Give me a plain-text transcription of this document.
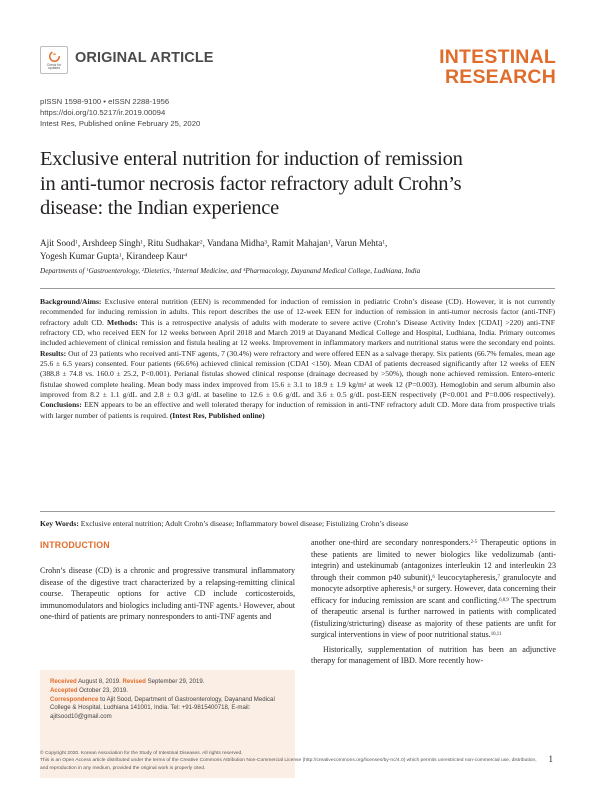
Check for
updates
ORIGINAL ARTICLE	INTESTINAL
RESEARCH
pISSN 1598-9100 • eISSN 2288-1956
https://doi.org/10.5217/ir.2019.00094
Intest Res, Published online February 25, 2020
Exclusive enteral nutrition for induction of remission
in anti-tumor necrosis factor refractory adult Crohn’s
disease: the Indian experience
Ajit Sood$^1$, Arshdeep Singh$^1$, Ritu Sudhakar$^2$, Vandana Midha$^3$, Ramit Mahajan$^1$, Varun Mehta$^1$,
Yogesh Kumar Gupta$^1$, Kirandeep Kaur$^4$
Departments of $^1$Gastroenterology, $^2$Dietetics, $^3$Internal Medicine, and $^4$Pharmacology, Dayanand Medical College, Ludhiana, India
Background/Aims: Exclusive enteral nutrition (EEN) is recommended for induction of remission in pediatric Crohn’s disease (CD). However, it is not currently recommended for inducing remission in adults. This report describes the use of 12-week EEN for induction of remission in anti-tumor necrosis factor (anti-TNF) refractory adult CD. Methods: This is a retrospective analysis of adults with moderate to severe active (Crohn’s Disease Activity Index [CDAI] >220) anti-TNF refractory CD, who received EEN for 12 weeks between April 2018 and March 2019 at Dayanand Medical College and Hospital, Ludhiana, India. Primary outcomes included achievement of clinical remission and fistula healing at 12 weeks. Improvement in inflammatory markers and nutritional status were the secondary end points. Results: Out of 23 patients who received anti-TNF agents, 7 (30.4%) were refractory and were offered EEN as a salvage therapy. Six patients (66.7% females, mean age 25.6 ± 6.5 years) consented. Four patients (66.6%) achieved clinical remission (CDAI <150). Mean CDAI of patients decreased significantly after 12 weeks of EEN (388.8 ± 74.8 vs. 160.0 ± 25.2, P<0.001). Perianal fistulas showed clinical response (drainage decreased by >50%), though none achieved remission. Entero-enteric fistulae showed complete healing. Mean body mass index improved from 15.6 ± 3.1 to 18.9 ± 1.9 $kg/m^2$ at week 12 (P=0.003). Hemoglobin and serum albumin also improved from 8.2 ± 1.1 g/dL and 2.8 ± 0.3 g/dL at baseline to 12.6 ± 0.6 g/dL and 3.6 ± 0.5 g/dL post-EEN respectively (P<0.001 and P=0.006 respectively). Conclusions: EEN appears to be an effective and well tolerated therapy for induction of remission in anti-TNF refractory adult CD. More data from prospective trials with larger number of patients is required. (Intest Res, Published online)
Key Words: Exclusive enteral nutrition; Adult Crohn’s disease; Inflammatory bowel disease; Fistulizing Crohn’s disease
INTRODUCTION
Crohn’s disease (CD) is a chronic and progressive transmural inflammatory disease of the digestive tract characterized by a relapsing-remitting clinical course. Therapeutic options for active CD include corticosteroids, immunomodulators and biologics including anti-TNF agents.$^1$ However, about one-third of patients are primary nonresponders to anti-TNF agents and

another one-third are secondary nonresponders.$^{2-5}$ Therapeutic options in these patients are limited to newer biologics like vedolizumab (anti-integrin) and ustekinumab (antagonizes interleukin 12 and interleukin 23 through their common p40 subunit),$^6$ leucocytapheresis,$^7$ granulocyte and monocyte adsorptive apheresis,$^8$ or surgery. However, data concerning their efficacy for inducing remission are scant and conflicting.$^{6,8,9}$ The spectrum of therapeutic arsenal is further narrowed in patients with complicated (fistulizing/stricturing) disease as majority of these patients are unfit for surgical interventions in view of poor nutritional status.$^{10,11}$

Historically, supplementation of nutrition has been an adjunctive therapy for management of IBD. More recently how-

Received August 8, 2019. Revised September 29, 2019.
Accepted October 23, 2019.
Correspondence to Ajit Sood, Department of Gastroenterology, Dayanand Medical College & Hospital, Ludhiana 141001, India. Tel: +91-9815400718, E-mail: ajitsood10@gmail.com
© Copyright 2020. Korean Association for the Study of Intestinal Diseases. All rights reserved.
This is an Open Access article distributed under the terms of the Creative Commons Attribution Non-Commercial License (http://creativecommons.org/licenses/by-nc/4.0) which permits unrestricted non-commercial use, distribution, and reproduction in any medium, provided the original work is properly cited.
1
